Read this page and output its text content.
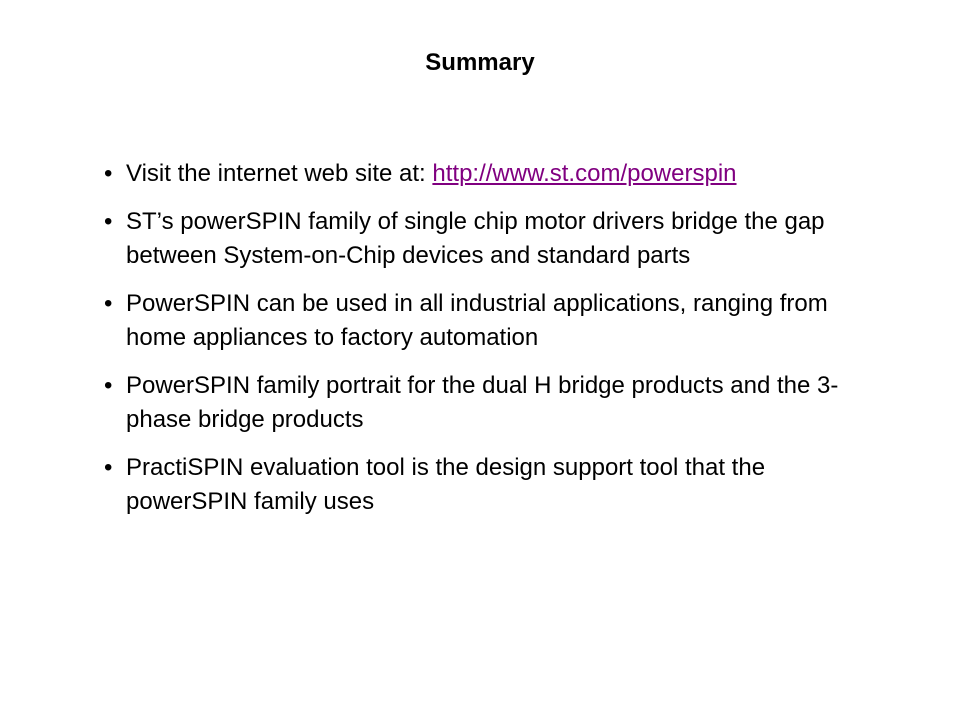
Summary
• Visit the internet web site at: http://www.st.com/powerspin
• ST’s powerSPIN family of single chip motor drivers bridge the gap between System-on-Chip devices and standard parts
• PowerSPIN can be used in all industrial applications, ranging from home appliances to factory automation
• PowerSPIN family portrait for the dual H bridge products and the 3-phase bridge products
• PractiSPIN evaluation tool is the design support tool that the powerSPIN family uses
